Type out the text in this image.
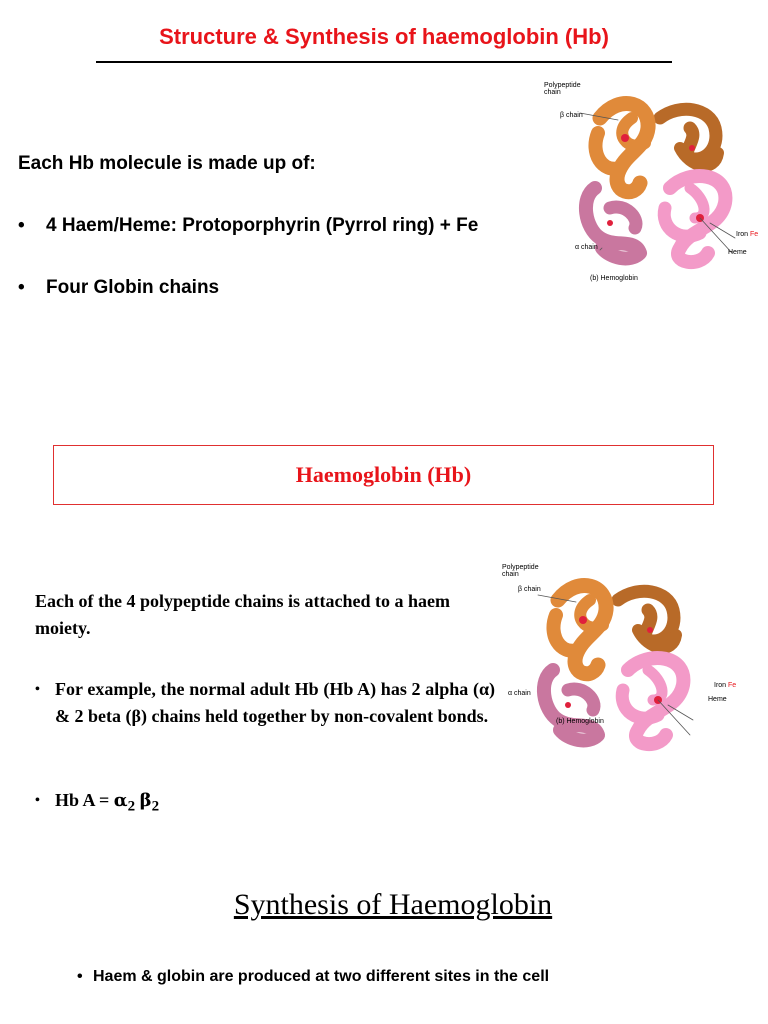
Structure & Synthesis of haemoglobin (Hb)
Each Hb molecule is made up of:
•	4 Haem/Heme: Protoporphyrin (Pyrrol ring) + Fe
•	Four Globin chains
Polypeptide
chain
β chain
α chain
Iron Fe
Heme
(b) Hemoglobin
Haemoglobin (Hb)
Each of the 4 polypeptide chains is attached to a haem moiety.
• For example, the normal adult Hb (Hb A) has 2 alpha (α) & 2 beta (β) chains held together by non-covalent bonds.
• Hb $A = \alpha_2$ $\beta_2$
Polypeptide
chain
β chain
α chain
Iron Fe
Heme
(b) Hemoglobin
Synthesis of Haemoglobin
• Haem & globin are produced at two different sites in the cell
